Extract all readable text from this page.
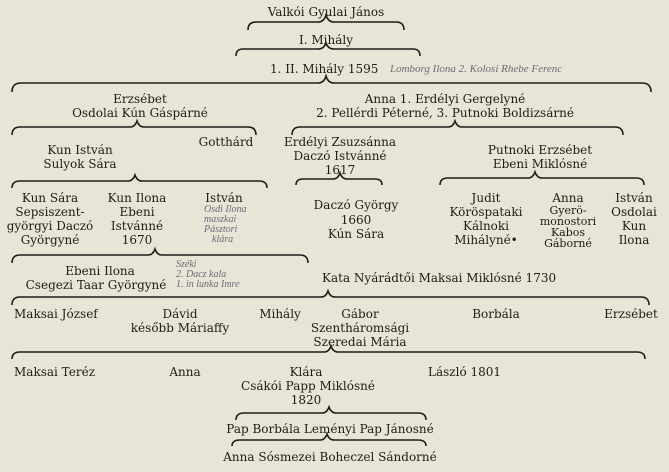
Valkói Gyulai János
I. Mihály
1. II. Mihály 1595 Lomborg Ilona 2. Kolosi Rhebe Ferenc
Erzsébet
Osdolai Kún Gáspárné
Anna 1. Erdélyi Gergelyné
2. Pellérdi Péterné, 3. Putnoki Boldizsárné
Kun István
Sulyok Sára
Gotthárd	Erdélyi Zsuzsánna
Daczó Istvánné
1617
Putnoki Erzsébet
Ebeni Miklósné
Kun Sára
Sepsiszent-
györgyi Daczó
Györgyné
Kun Ilona
Ebeni
Istvánné
1670
István
Osdi Ilona
maszkai
Pásztori
klára
Daczó György
1660
Kún Sára
Judit
Köröspataki
Kálnoki
Mihályné•
Anna
Gyerö-
monostori
Kabos
Gáborné
István
Osdolai
Kun
Ilona
Ebeni Ilona
Csegezi Taar Györgyné
Széki
2. Dacz kala
1. in lunka Imre	Kata Nyárádtői Maksai Miklósné 1730
Maksai József	Dávid
később Máriaffy
Mihály	Gábor
Szentháromsági
Szeredai Mária
Borbála	Erzsébet
Maksai Teréz	Anna	Klára
Csákói Papp Miklósné
1820
László 1801
Pap Borbála Leményi Pap Jánosné
Anna Sósmezei Boheczel Sándorné
